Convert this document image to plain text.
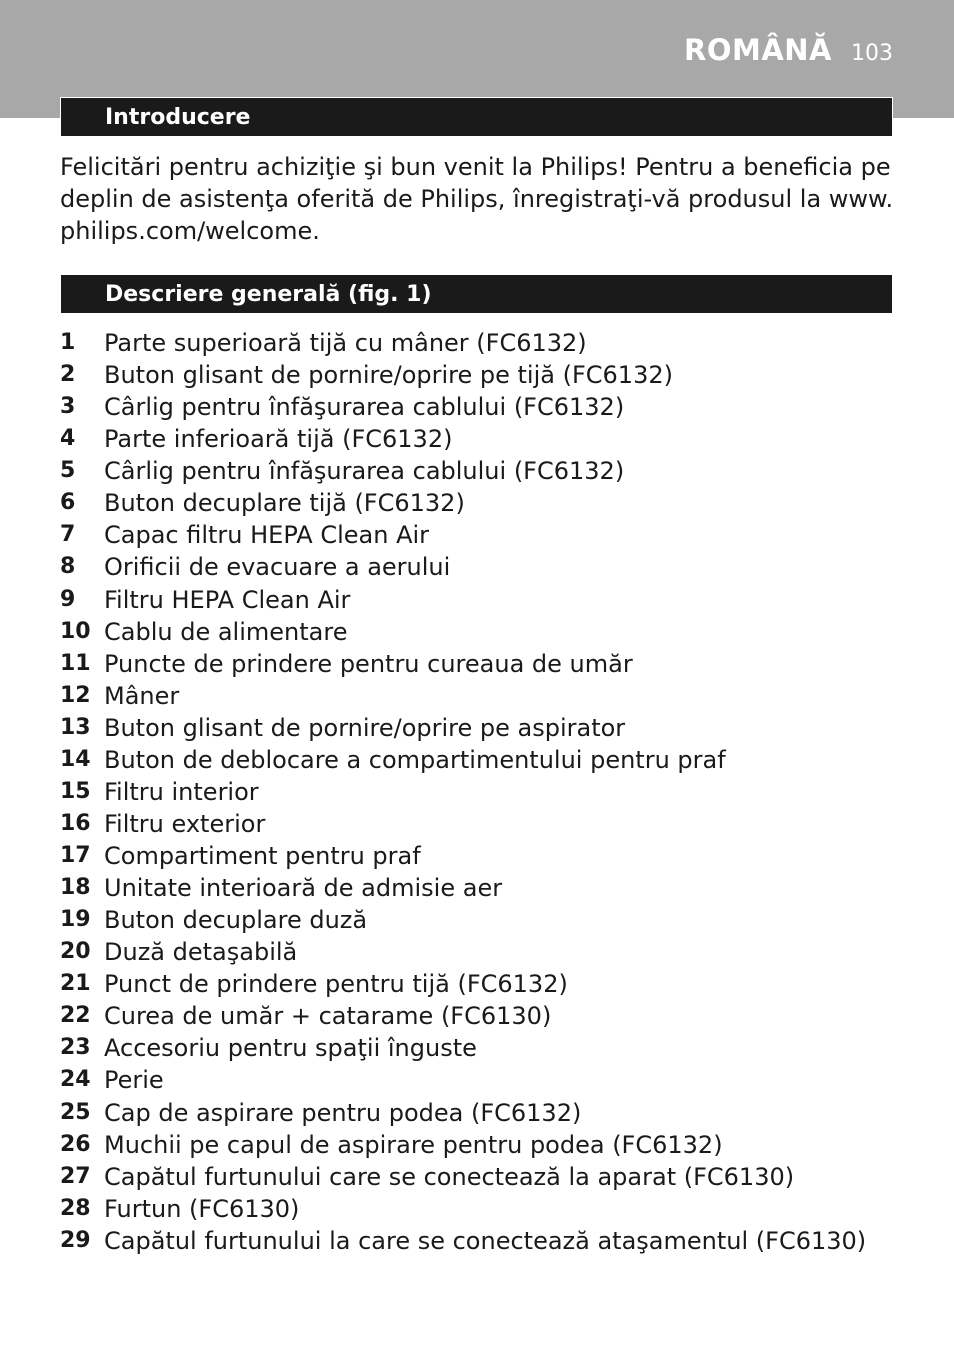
ROMÂNĂ 103
Introducere
Felicitări pentru achiziţie şi bun venit la Philips! Pentru a beneficia pe
deplin de asistenţa oferită de Philips, înregistraţi-vă produsul la www.
philips.com/welcome.
Descriere generală (fig. 1)
1 Parte superioară tijă cu mâner (FC6132)
2 Buton glisant de pornire/oprire pe tijă (FC6132)
3 Cârlig pentru înfăşurarea cablului (FC6132)
4 Parte inferioară tijă (FC6132)
5 Cârlig pentru înfăşurarea cablului (FC6132)
6 Buton decuplare tijă (FC6132)
7 Capac filtru HEPA Clean Air
8 Orificii de evacuare a aerului
9 Filtru HEPA Clean Air
10 Cablu de alimentare
11 Puncte de prindere pentru cureaua de umăr
12 Mâner
13 Buton glisant de pornire/oprire pe aspirator
14 Buton de deblocare a compartimentului pentru praf
15 Filtru interior
16 Filtru exterior
17 Compartiment pentru praf
18 Unitate interioară de admisie aer
19 Buton decuplare duză
20 Duză detaşabilă
21 Punct de prindere pentru tijă (FC6132)
22 Curea de umăr + catarame (FC6130)
23 Accesoriu pentru spaţii înguste
24 Perie
25 Cap de aspirare pentru podea (FC6132)
26 Muchii pe capul de aspirare pentru podea (FC6132)
27 Capătul furtunului care se conectează la aparat (FC6130)
28 Furtun (FC6130)
29 Capătul furtunului la care se conectează ataşamentul (FC6130)
